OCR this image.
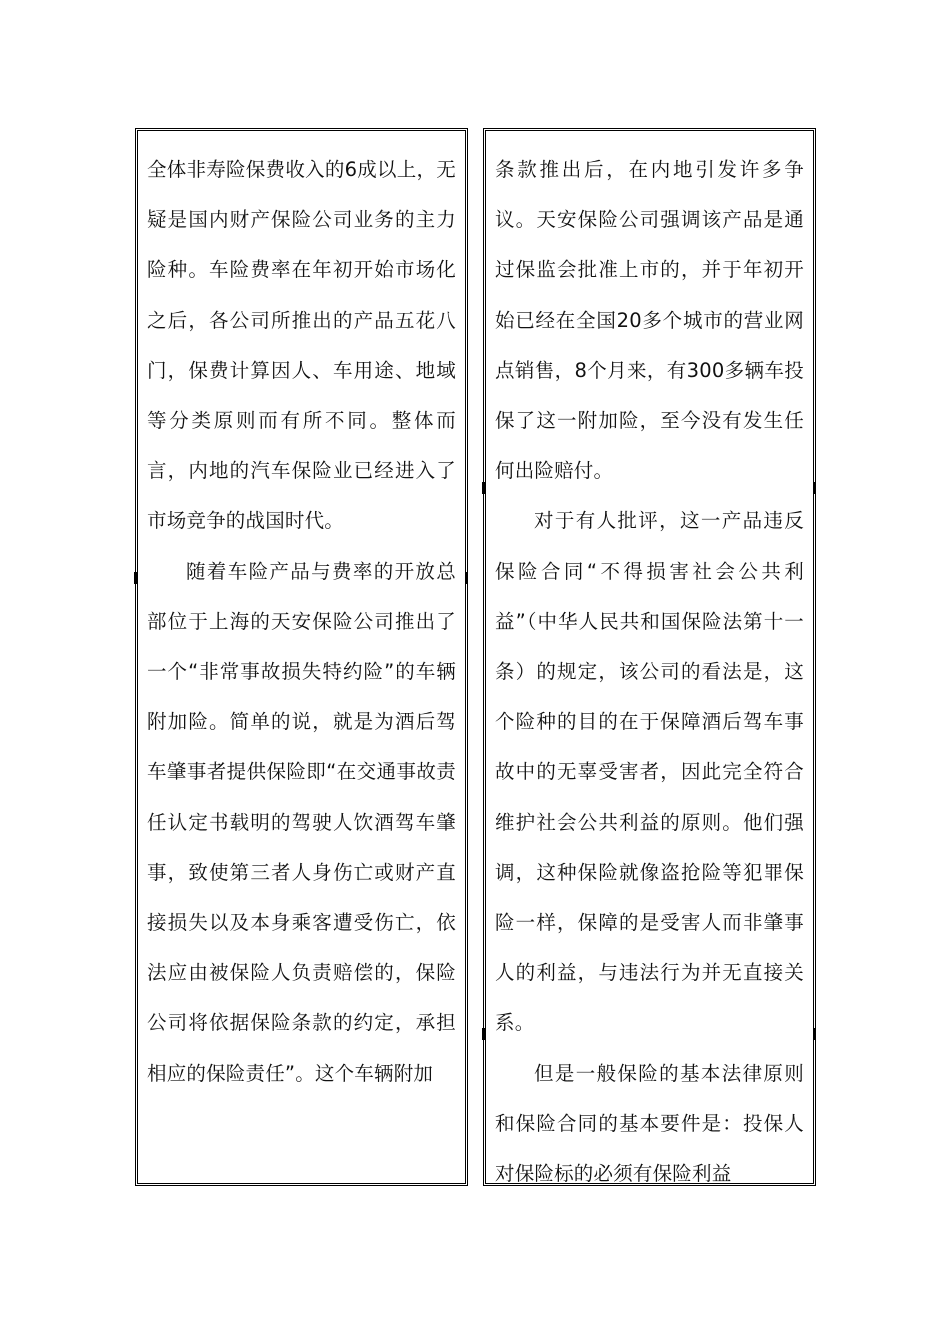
全体非寿险保费收入的6成以上，无疑是国内财产保险公司业务的主力险种。车险费率在年初开始市场化之后，各公司所推出的产品五花八门，保费计算因人、车用途、地域等分类原则而有所不同。整体而言，内地的汽车保险业已经进入了市场竞争的战国时代。

随着车险产品与费率的开放总部位于上海的天安保险公司推出了一个“非常事故损失特约险”的车辆附加险。简单的说，就是为酒后驾车肇事者提供保险即“在交通事故责任认定书载明的驾驶人饮酒驾车肇事，致使第三者人身伤亡或财产直接损失以及本身乘客遭受伤亡，依法应由被保险人负责赔偿的，保险公司将依据保险条款的约定，承担相应的保险责任”。这个车辆附加

条款推出后，在内地引发许多争议。天安保险公司强调该产品是通过保监会批准上市的，并于年初开始已经在全国20多个城市的营业网点销售，8个月来，有300多辆车投保了这一附加险，至今没有发生任何出险赔付。

对于有人批评，这一产品违反保险合同“不得损害社会公共利益”（中华人民共和国保险法第十一条）的规定，该公司的看法是，这个险种的目的在于保障酒后驾车事故中的无辜受害者，因此完全符合维护社会公共利益的原则。他们强调，这种保险就像盗抢险等犯罪保险一样，保障的是受害人而非肇事人的利益，与违法行为并无直接关系。

但是一般保险的基本法律原则和保险合同的基本要件是：投保人对保险标的必须有保险利益
